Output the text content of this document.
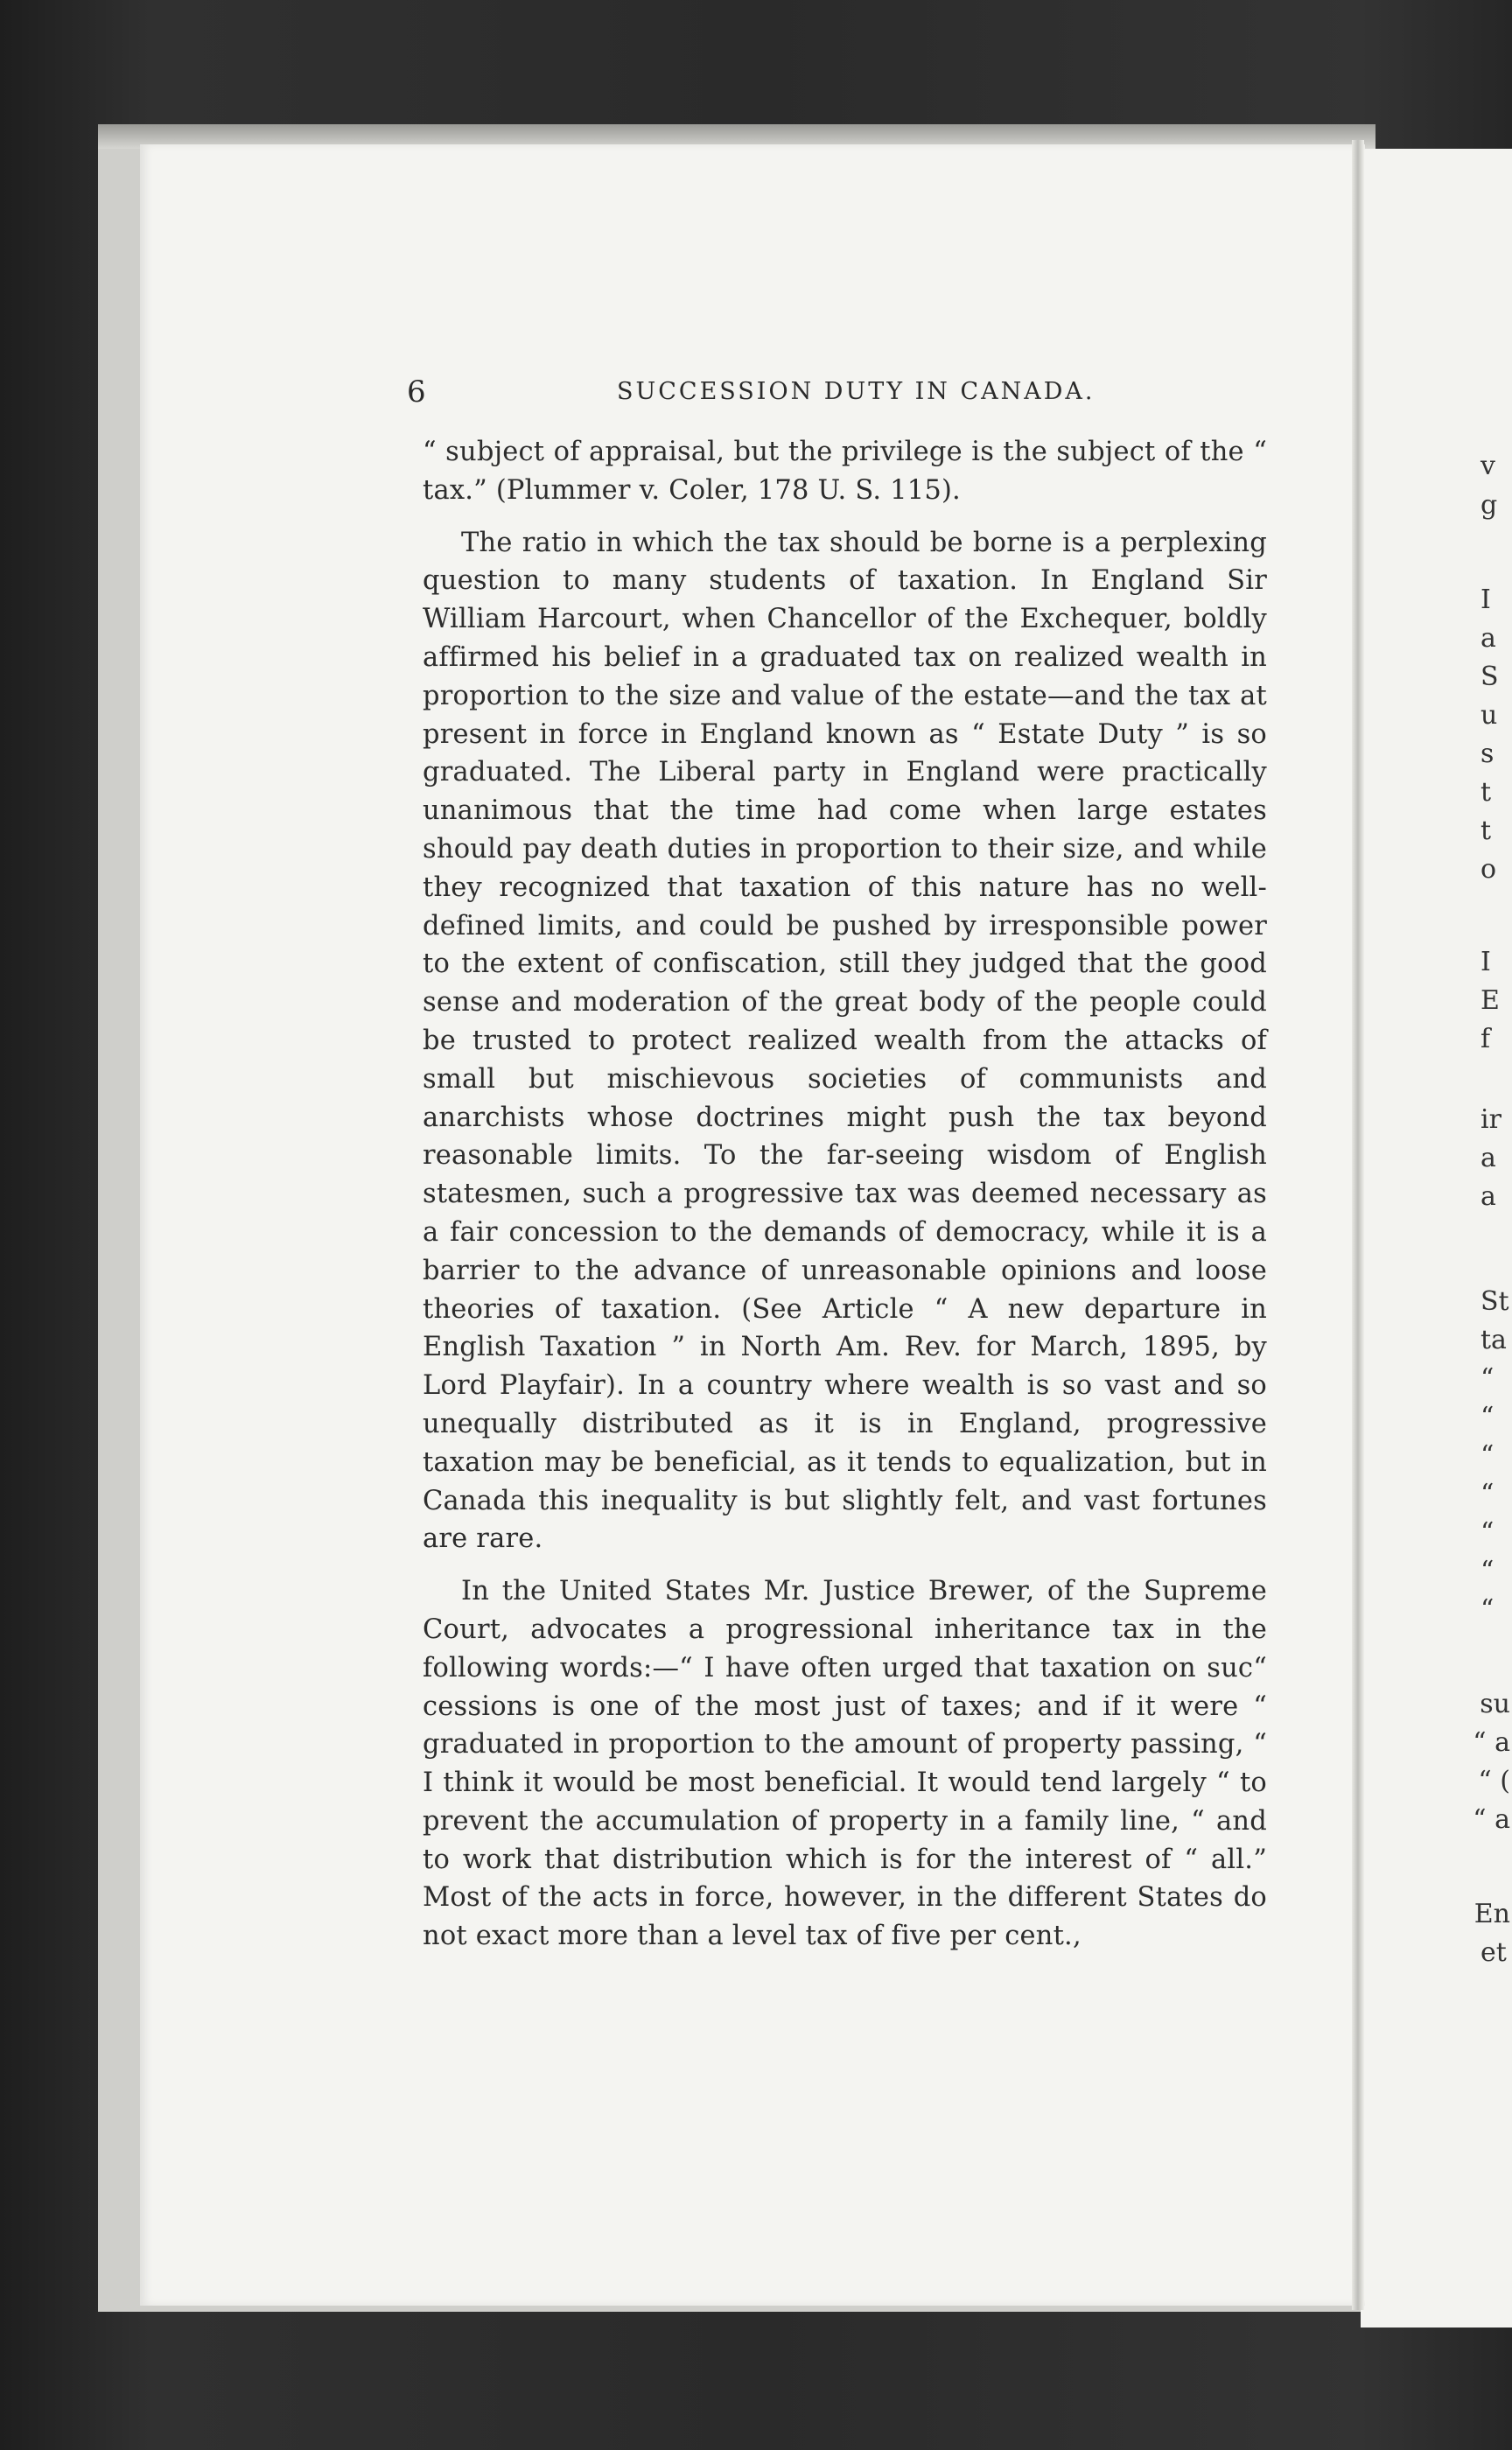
6	SUCCESSION DUTY IN CANADA.

“ subject of appraisal, but the privilege is the subject of the “ tax.” (Plummer v. Coler, 178 U. S. 115).

The ratio in which the tax should be borne is a perplexing question to many students of taxation. In England Sir William Harcourt, when Chancellor of the Exchequer, boldly affirmed his belief in a graduated tax on realized wealth in proportion to the size and value of the estate—and the tax at present in force in England known as “ Estate Duty ” is so graduated. The Liberal party in England were practically unanimous that the time had come when large estates should pay death duties in proportion to their size, and while they recognized that taxation of this nature has no well-defined limits, and could be pushed by irresponsible power to the extent of confiscation, still they judged that the good sense and moderation of the great body of the people could be trusted to protect realized wealth from the attacks of small but mischievous societies of communists and anarchists whose doctrines might push the tax beyond reasonable limits. To the far-seeing wisdom of English statesmen, such a progressive tax was deemed necessary as a fair concession to the demands of democracy, while it is a barrier to the advance of unreasonable opinions and loose theories of taxation. (See Article “ A new departure in English Taxation ” in North Am. Rev. for March, 1895, by Lord Playfair). In a country where wealth is so vast and so unequally distributed as it is in England, progressive taxation may be beneficial, as it tends to equalization, but in Canada this inequality is but slightly felt, and vast fortunes are rare.

In the United States Mr. Justice Brewer, of the Supreme Court, advocates a progressional inheritance tax in the following words:—“ I have often urged that taxation on suc“ cessions is one of the most just of taxes; and if it were “ graduated in proportion to the amount of property passing, “ I think it would be most beneficial. It would tend largely “ to prevent the accumulation of property in a family line, “ and to work that distribution which is for the interest of “ all.” Most of the acts in force, however, in the different States do not exact more than a level tax of five per cent.,

v
g
I
a
S
u
s
t
t
o
I
E
f
ir
a
a
St
ta
“
“
“
“
“
“
“
su
“ a
“ (
“ a
En
et
